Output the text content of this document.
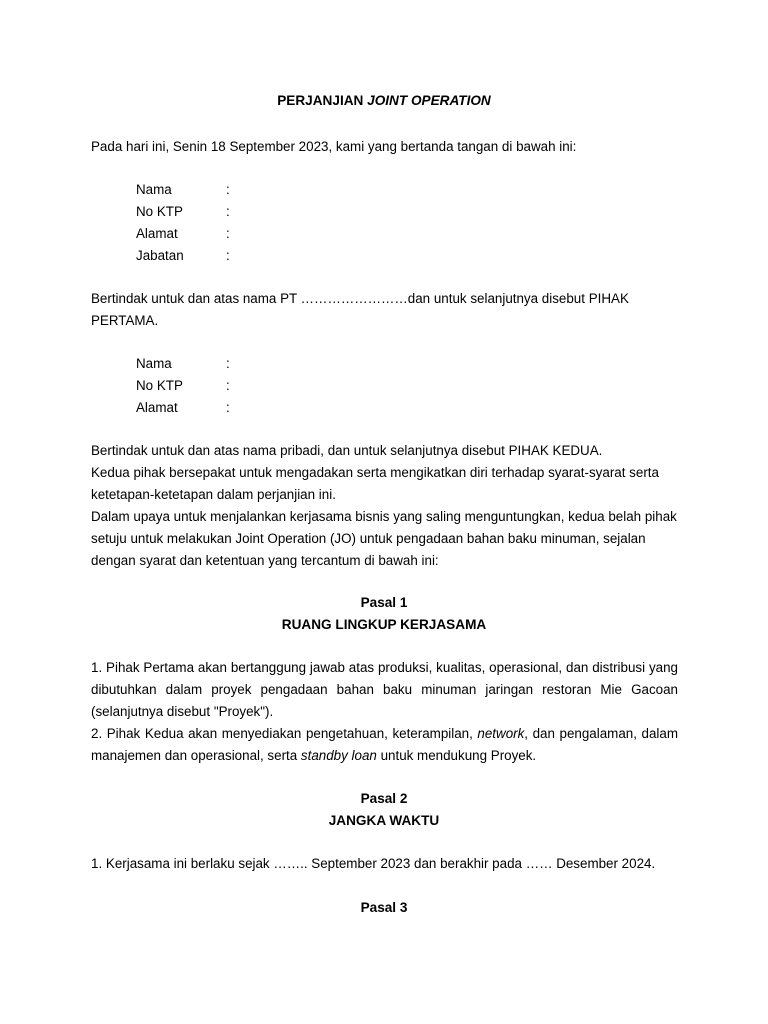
PERJANJIAN JOINT OPERATION
Pada hari ini, Senin 18 September 2023, kami yang bertanda tangan di bawah ini:
Nama	:
No KTP	:
Alamat	:
Jabatan	:
Bertindak untuk dan atas nama PT ……………………dan untuk selanjutnya disebut PIHAK
PERTAMA.
Nama	:
No KTP	:
Alamat	:
Bertindak untuk dan atas nama pribadi, dan untuk selanjutnya disebut PIHAK KEDUA.
Kedua pihak bersepakat untuk mengadakan serta mengikatkan diri terhadap syarat-syarat serta ketetapan-ketetapan dalam perjanjian ini.
Dalam upaya untuk menjalankan kerjasama bisnis yang saling menguntungkan, kedua belah pihak setuju untuk melakukan Joint Operation (JO) untuk pengadaan bahan baku minuman, sejalan dengan syarat dan ketentuan yang tercantum di bawah ini:
Pasal 1
RUANG LINGKUP KERJASAMA
1. Pihak Pertama akan bertanggung jawab atas produksi, kualitas, operasional, dan distribusi yang dibutuhkan dalam proyek pengadaan bahan baku minuman jaringan restoran Mie Gacoan (selanjutnya disebut "Proyek").
2. Pihak Kedua akan menyediakan pengetahuan, keterampilan, network, dan pengalaman, dalam manajemen dan operasional, serta standby loan untuk mendukung Proyek.
Pasal 2
JANGKA WAKTU
1. Kerjasama ini berlaku sejak …….. September 2023 dan berakhir pada …… Desember 2024.
Pasal 3
